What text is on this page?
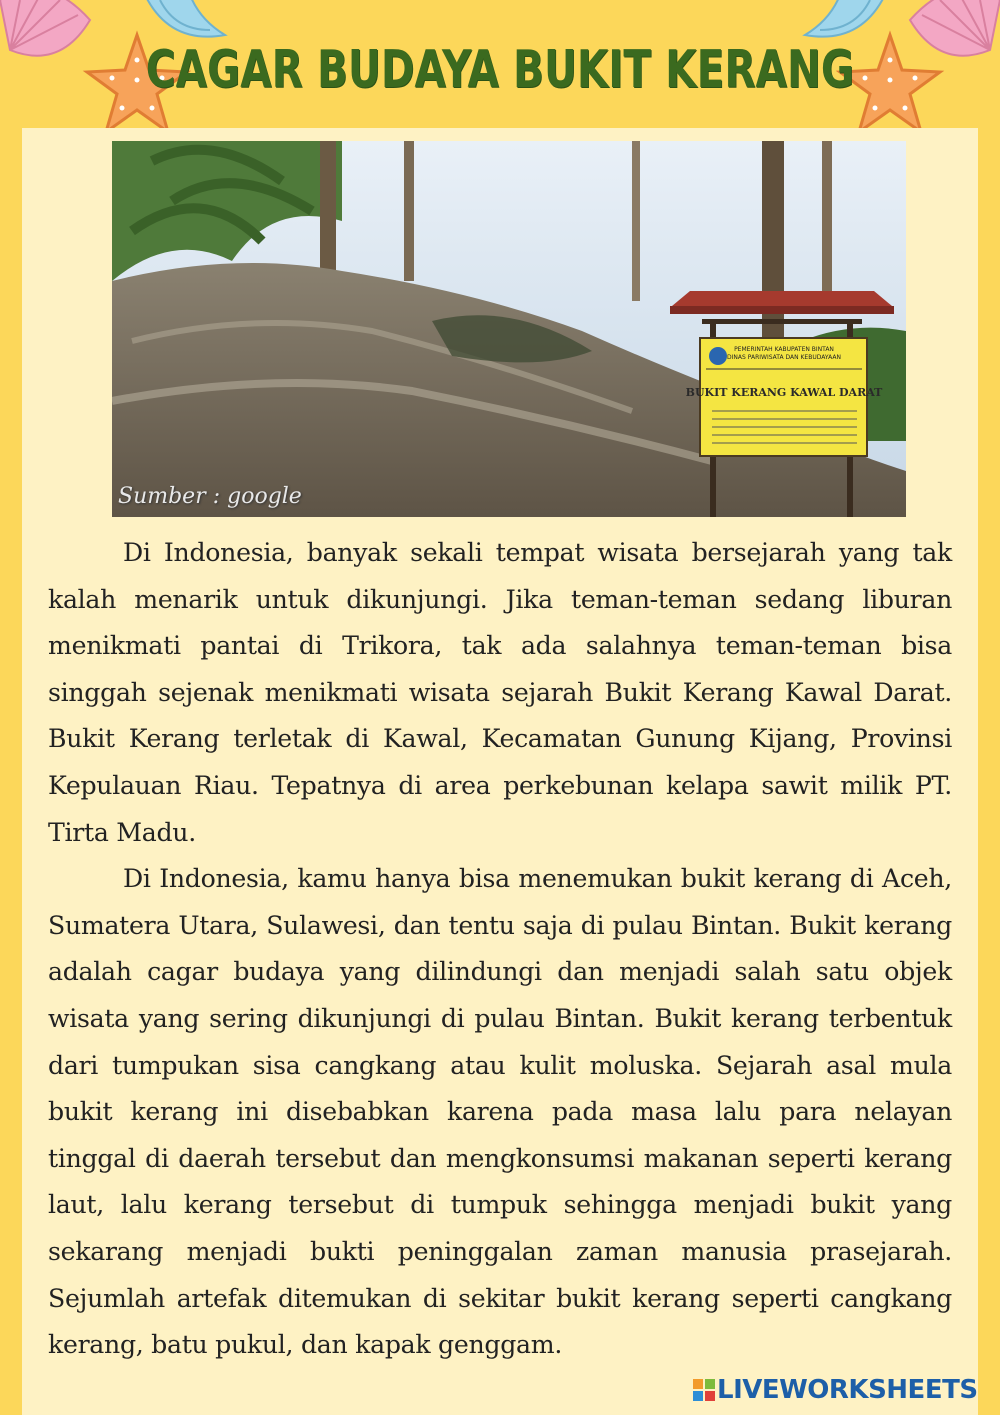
CAGAR BUDAYA BUKIT KERANG
PEMERINTAH KABUPATEN BINTAN
DINAS PARIWISATA DAN KEBUDAYAAN
BUKIT KERANG KAWAL DARAT
Sumber : google

Di Indonesia, banyak sekali tempat wisata bersejarah yang tak kalah menarik untuk dikunjungi. Jika teman-teman sedang liburan menikmati pantai di Trikora, tak ada salahnya teman-teman bisa singgah sejenak menikmati wisata sejarah Bukit Kerang Kawal Darat. Bukit Kerang terletak di Kawal, Kecamatan Gunung Kijang, Provinsi Kepulauan Riau. Tepatnya di area perkebunan kelapa sawit milik PT. Tirta Madu.

Di Indonesia, kamu hanya bisa menemukan bukit kerang di Aceh, Sumatera Utara, Sulawesi, dan tentu saja di pulau Bintan. Bukit kerang adalah cagar budaya yang dilindungi dan menjadi salah satu objek wisata yang sering dikunjungi di pulau Bintan. Bukit kerang terbentuk dari tumpukan sisa cangkang atau kulit moluska. Sejarah asal mula bukit kerang ini disebabkan karena pada masa lalu para nelayan tinggal di daerah tersebut dan mengkonsumsi makanan seperti kerang laut, lalu kerang tersebut di tumpuk sehingga menjadi bukit yang sekarang menjadi bukti peninggalan zaman manusia prasejarah. Sejumlah artefak ditemukan di sekitar bukit kerang seperti cangkang kerang, batu pukul, dan kapak genggam.

LIVEWORKSHEETS
